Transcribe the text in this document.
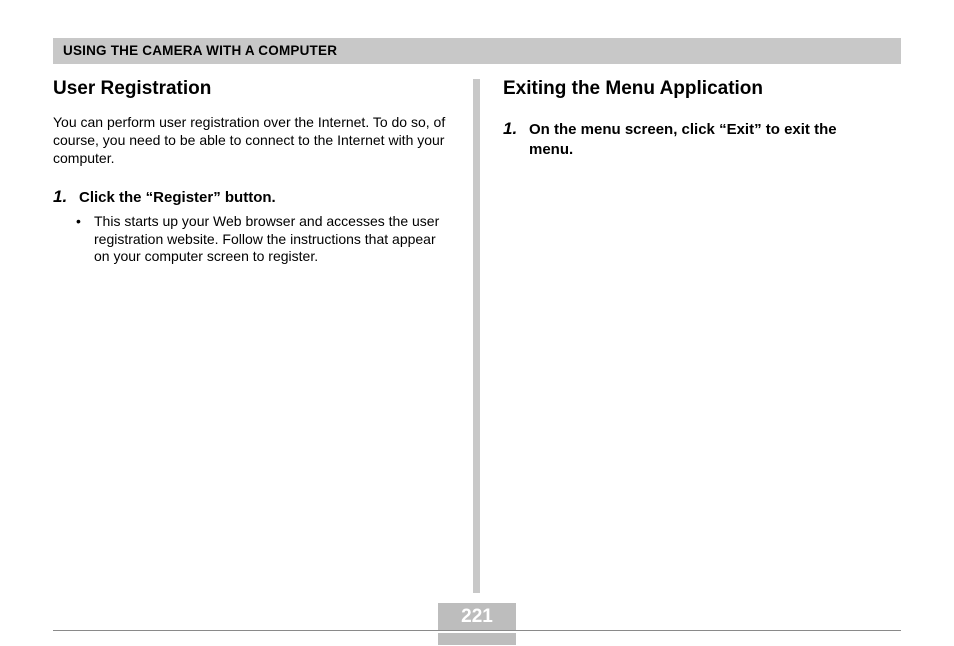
USING THE CAMERA WITH A COMPUTER
User Registration

You can perform user registration over the Internet. To do so, of course, you need to be able to connect to the Internet with your computer.

1. Click the “Register” button.
• This starts up your Web browser and accesses the user registration website. Follow the instructions that appear on your computer screen to register.
Exiting the Menu Application
1. On the menu screen, click “Exit” to exit the menu.
221
